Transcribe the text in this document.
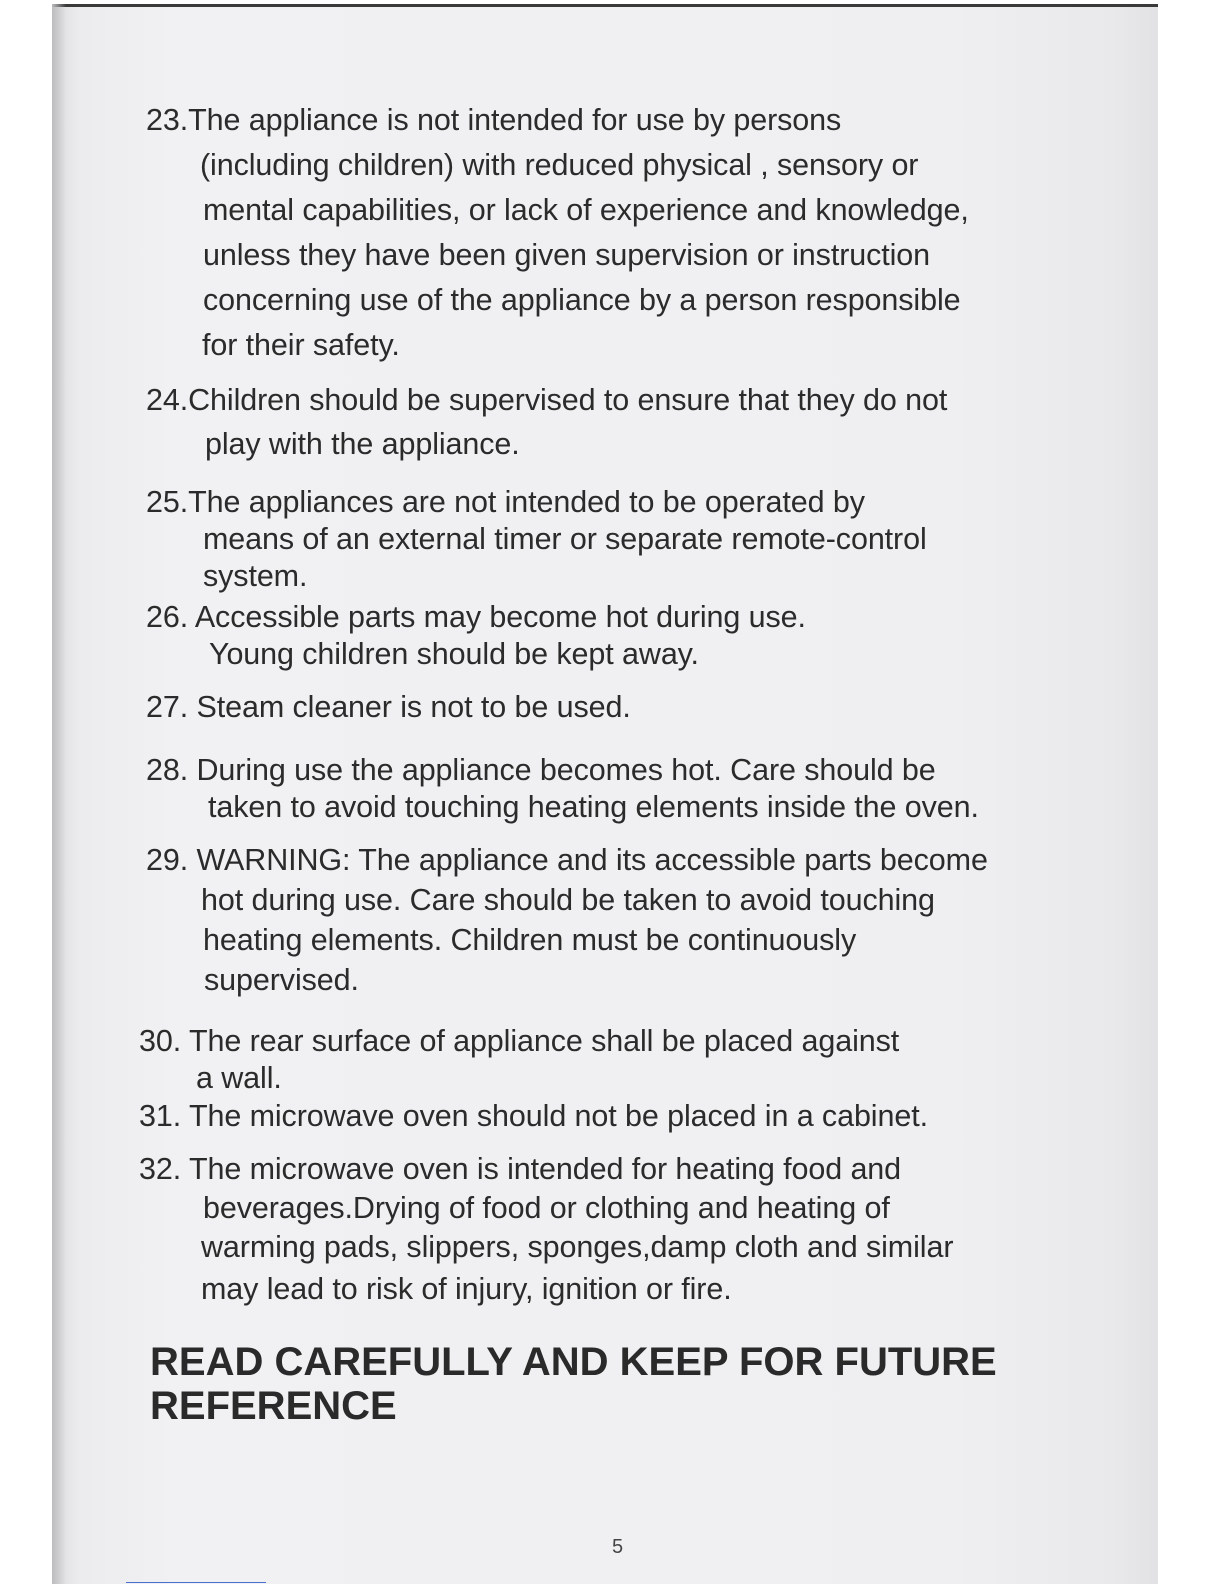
23.The appliance is not intended for use by persons
(including children) with reduced physical , sensory or
mental capabilities, or lack of experience and knowledge,
unless they have been given supervision or instruction
concerning use of the appliance by a person responsible
for their safety.
24.Children should be supervised to ensure that they do not
play with the appliance.
25.The appliances are not intended to be operated by
means of an external timer or separate remote-control
system.
26. Accessible parts may become hot during use.
Young children should be kept away.
27. Steam cleaner is not to be used.
28. During use the appliance becomes hot. Care should be
taken to avoid touching heating elements inside the oven.
29. WARNING: The appliance and its accessible parts become
hot during use. Care should be taken to avoid touching
heating elements. Children must be continuously
supervised.
30. The rear surface of appliance shall be placed against
a wall.
31. The microwave oven should not be placed in a cabinet.
32. The microwave oven is intended for heating food and
beverages.Drying of food or clothing and heating of
warming pads, slippers, sponges,damp cloth and similar
may lead to risk of injury, ignition or fire.
READ CAREFULLY AND KEEP FOR FUTURE
REFERENCE
5
